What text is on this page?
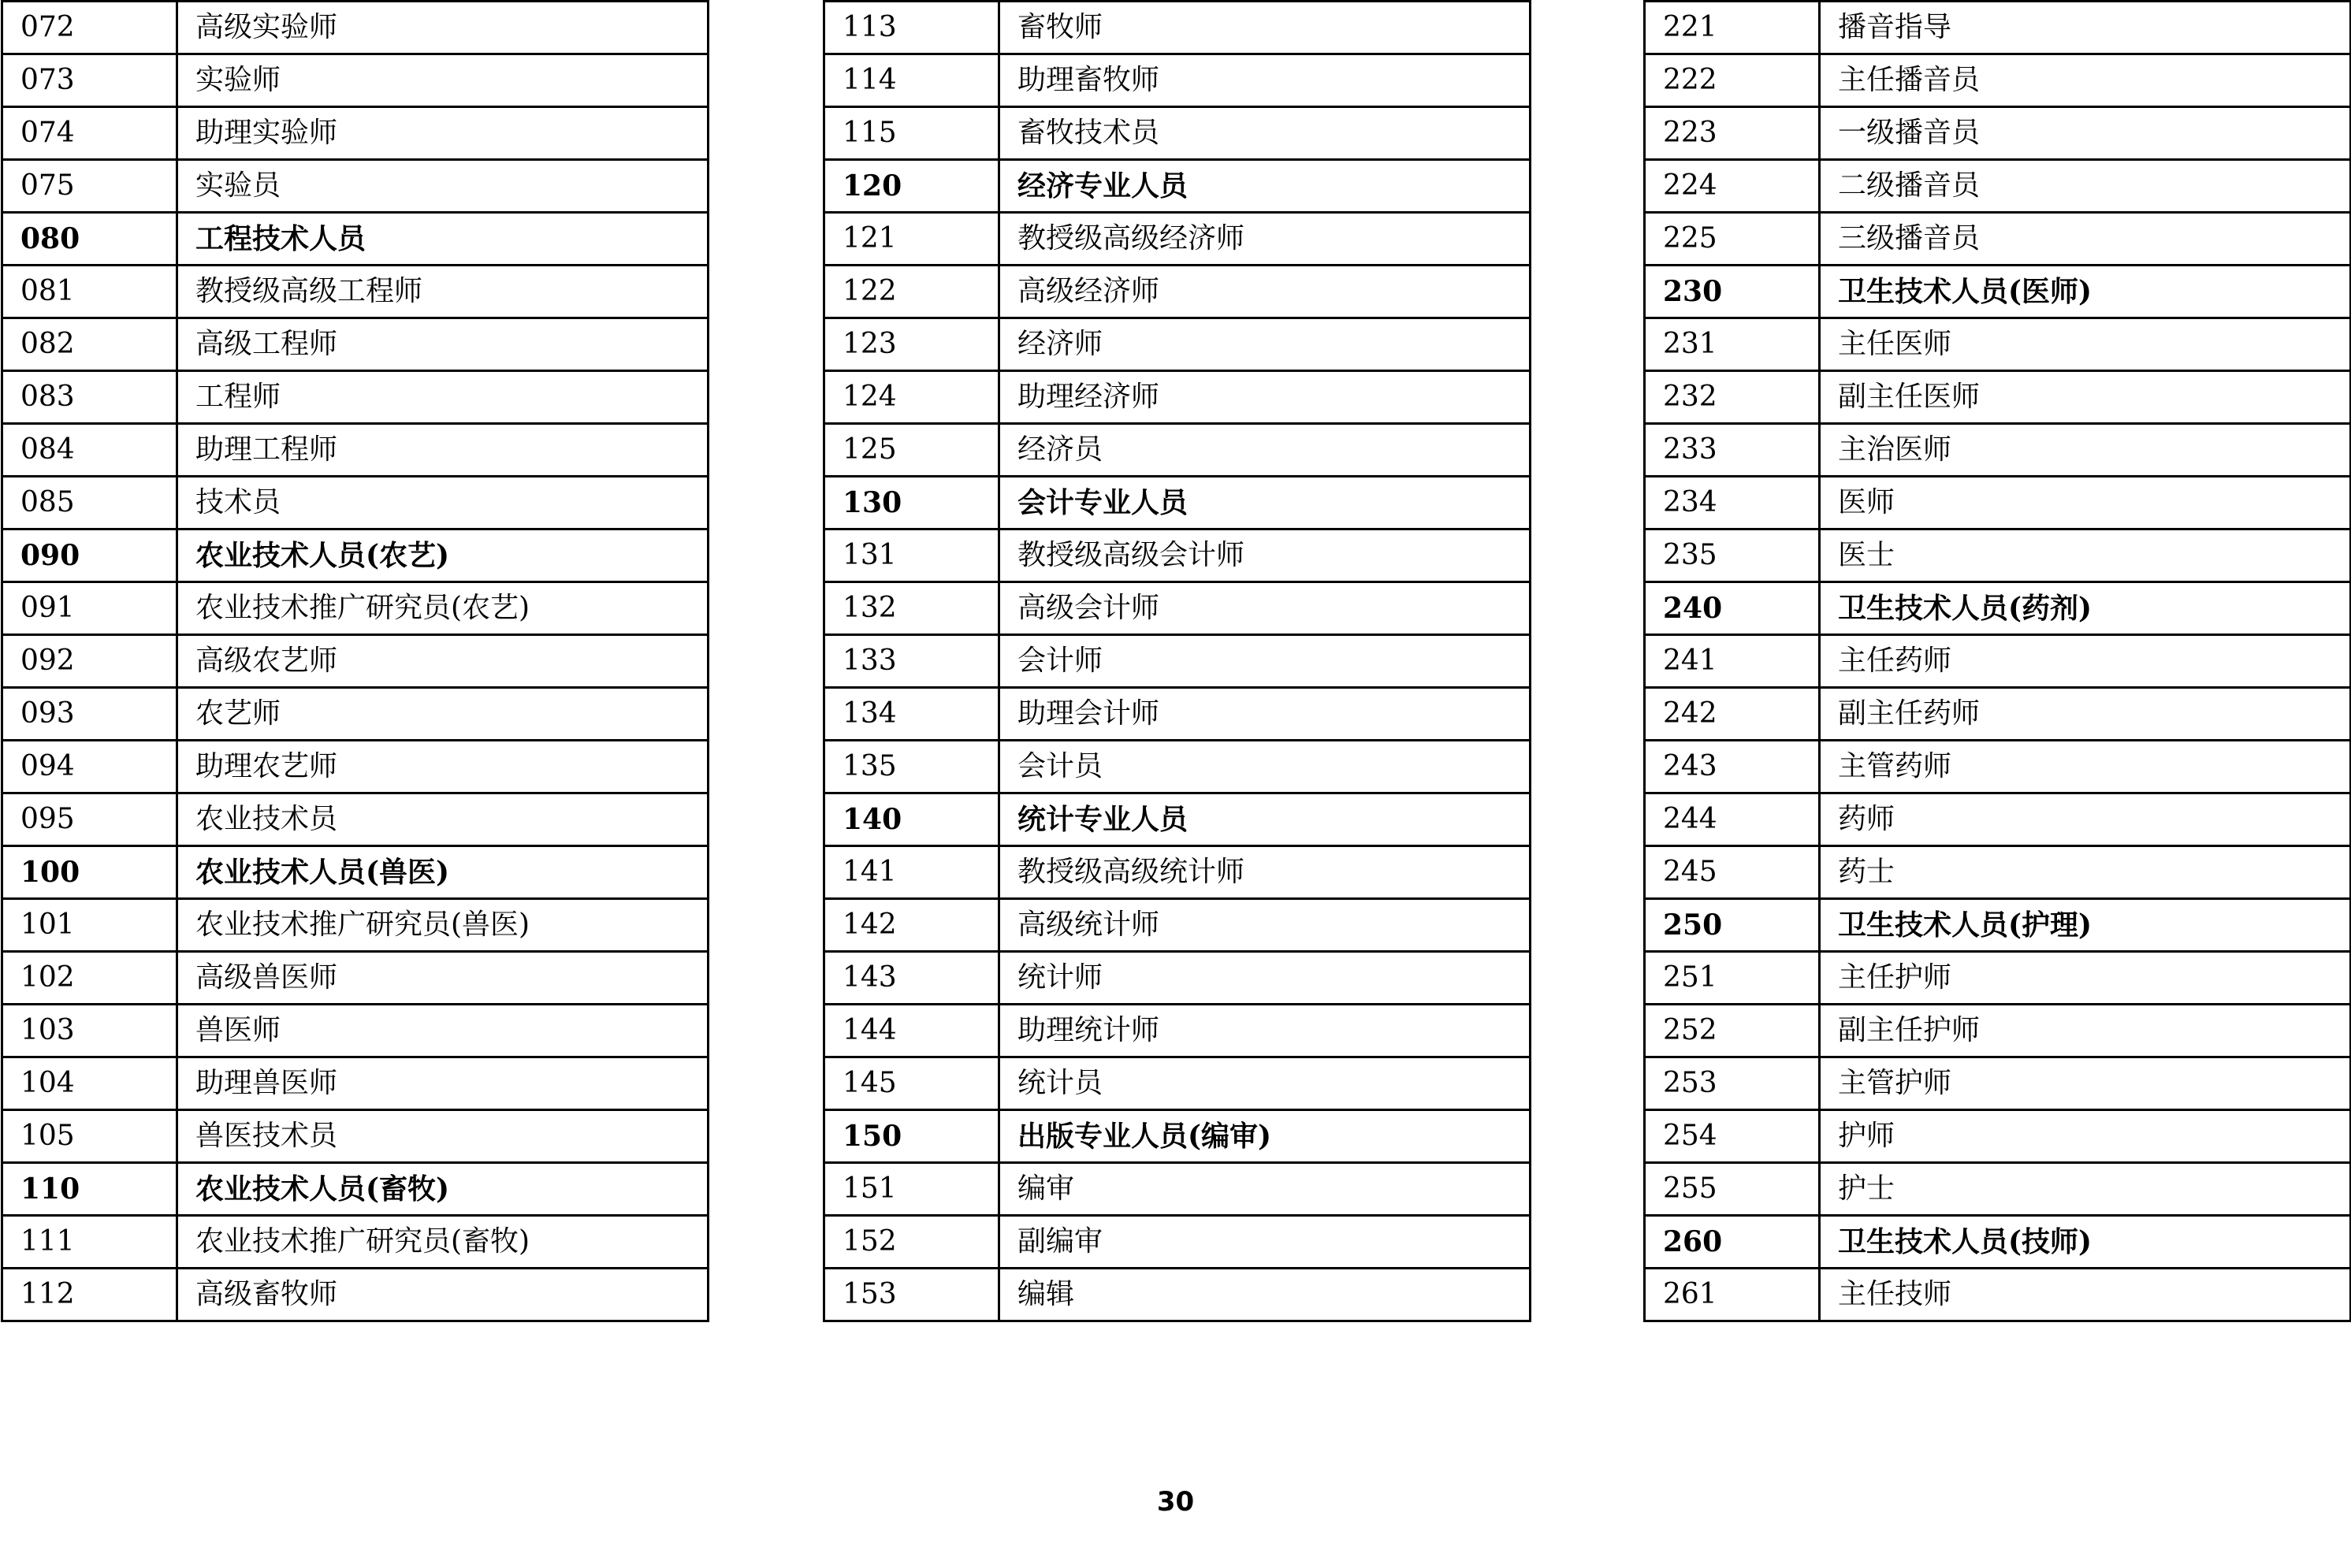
072	高级实验师
073	实验师
074	助理实验师
075	实验员
080	工程技术人员
081	教授级高级工程师
082	高级工程师
083	工程师
084	助理工程师
085	技术员
090	农业技术人员(农艺)
091	农业技术推广研究员(农艺)
092	高级农艺师
093	农艺师
094	助理农艺师
095	农业技术员
100	农业技术人员(兽医)
101	农业技术推广研究员(兽医)
102	高级兽医师
103	兽医师
104	助理兽医师
105	兽医技术员
110	农业技术人员(畜牧)
111	农业技术推广研究员(畜牧)
112	高级畜牧师
113	畜牧师
114	助理畜牧师
115	畜牧技术员
120	经济专业人员
121	教授级高级经济师
122	高级经济师
123	经济师
124	助理经济师
125	经济员
130	会计专业人员
131	教授级高级会计师
132	高级会计师
133	会计师
134	助理会计师
135	会计员
140	统计专业人员
141	教授级高级统计师
142	高级统计师
143	统计师
144	助理统计师
145	统计员
150	出版专业人员(编审)
151	编审
152	副编审
153	编辑
221	播音指导
222	主任播音员
223	一级播音员
224	二级播音员
225	三级播音员
230	卫生技术人员(医师)
231	主任医师
232	副主任医师
233	主治医师
234	医师
235	医士
240	卫生技术人员(药剂)
241	主任药师
242	副主任药师
243	主管药师
244	药师
245	药士
250	卫生技术人员(护理)
251	主任护师
252	副主任护师
253	主管护师
254	护师
255	护士
260	卫生技术人员(技师)
261	主任技师
30
